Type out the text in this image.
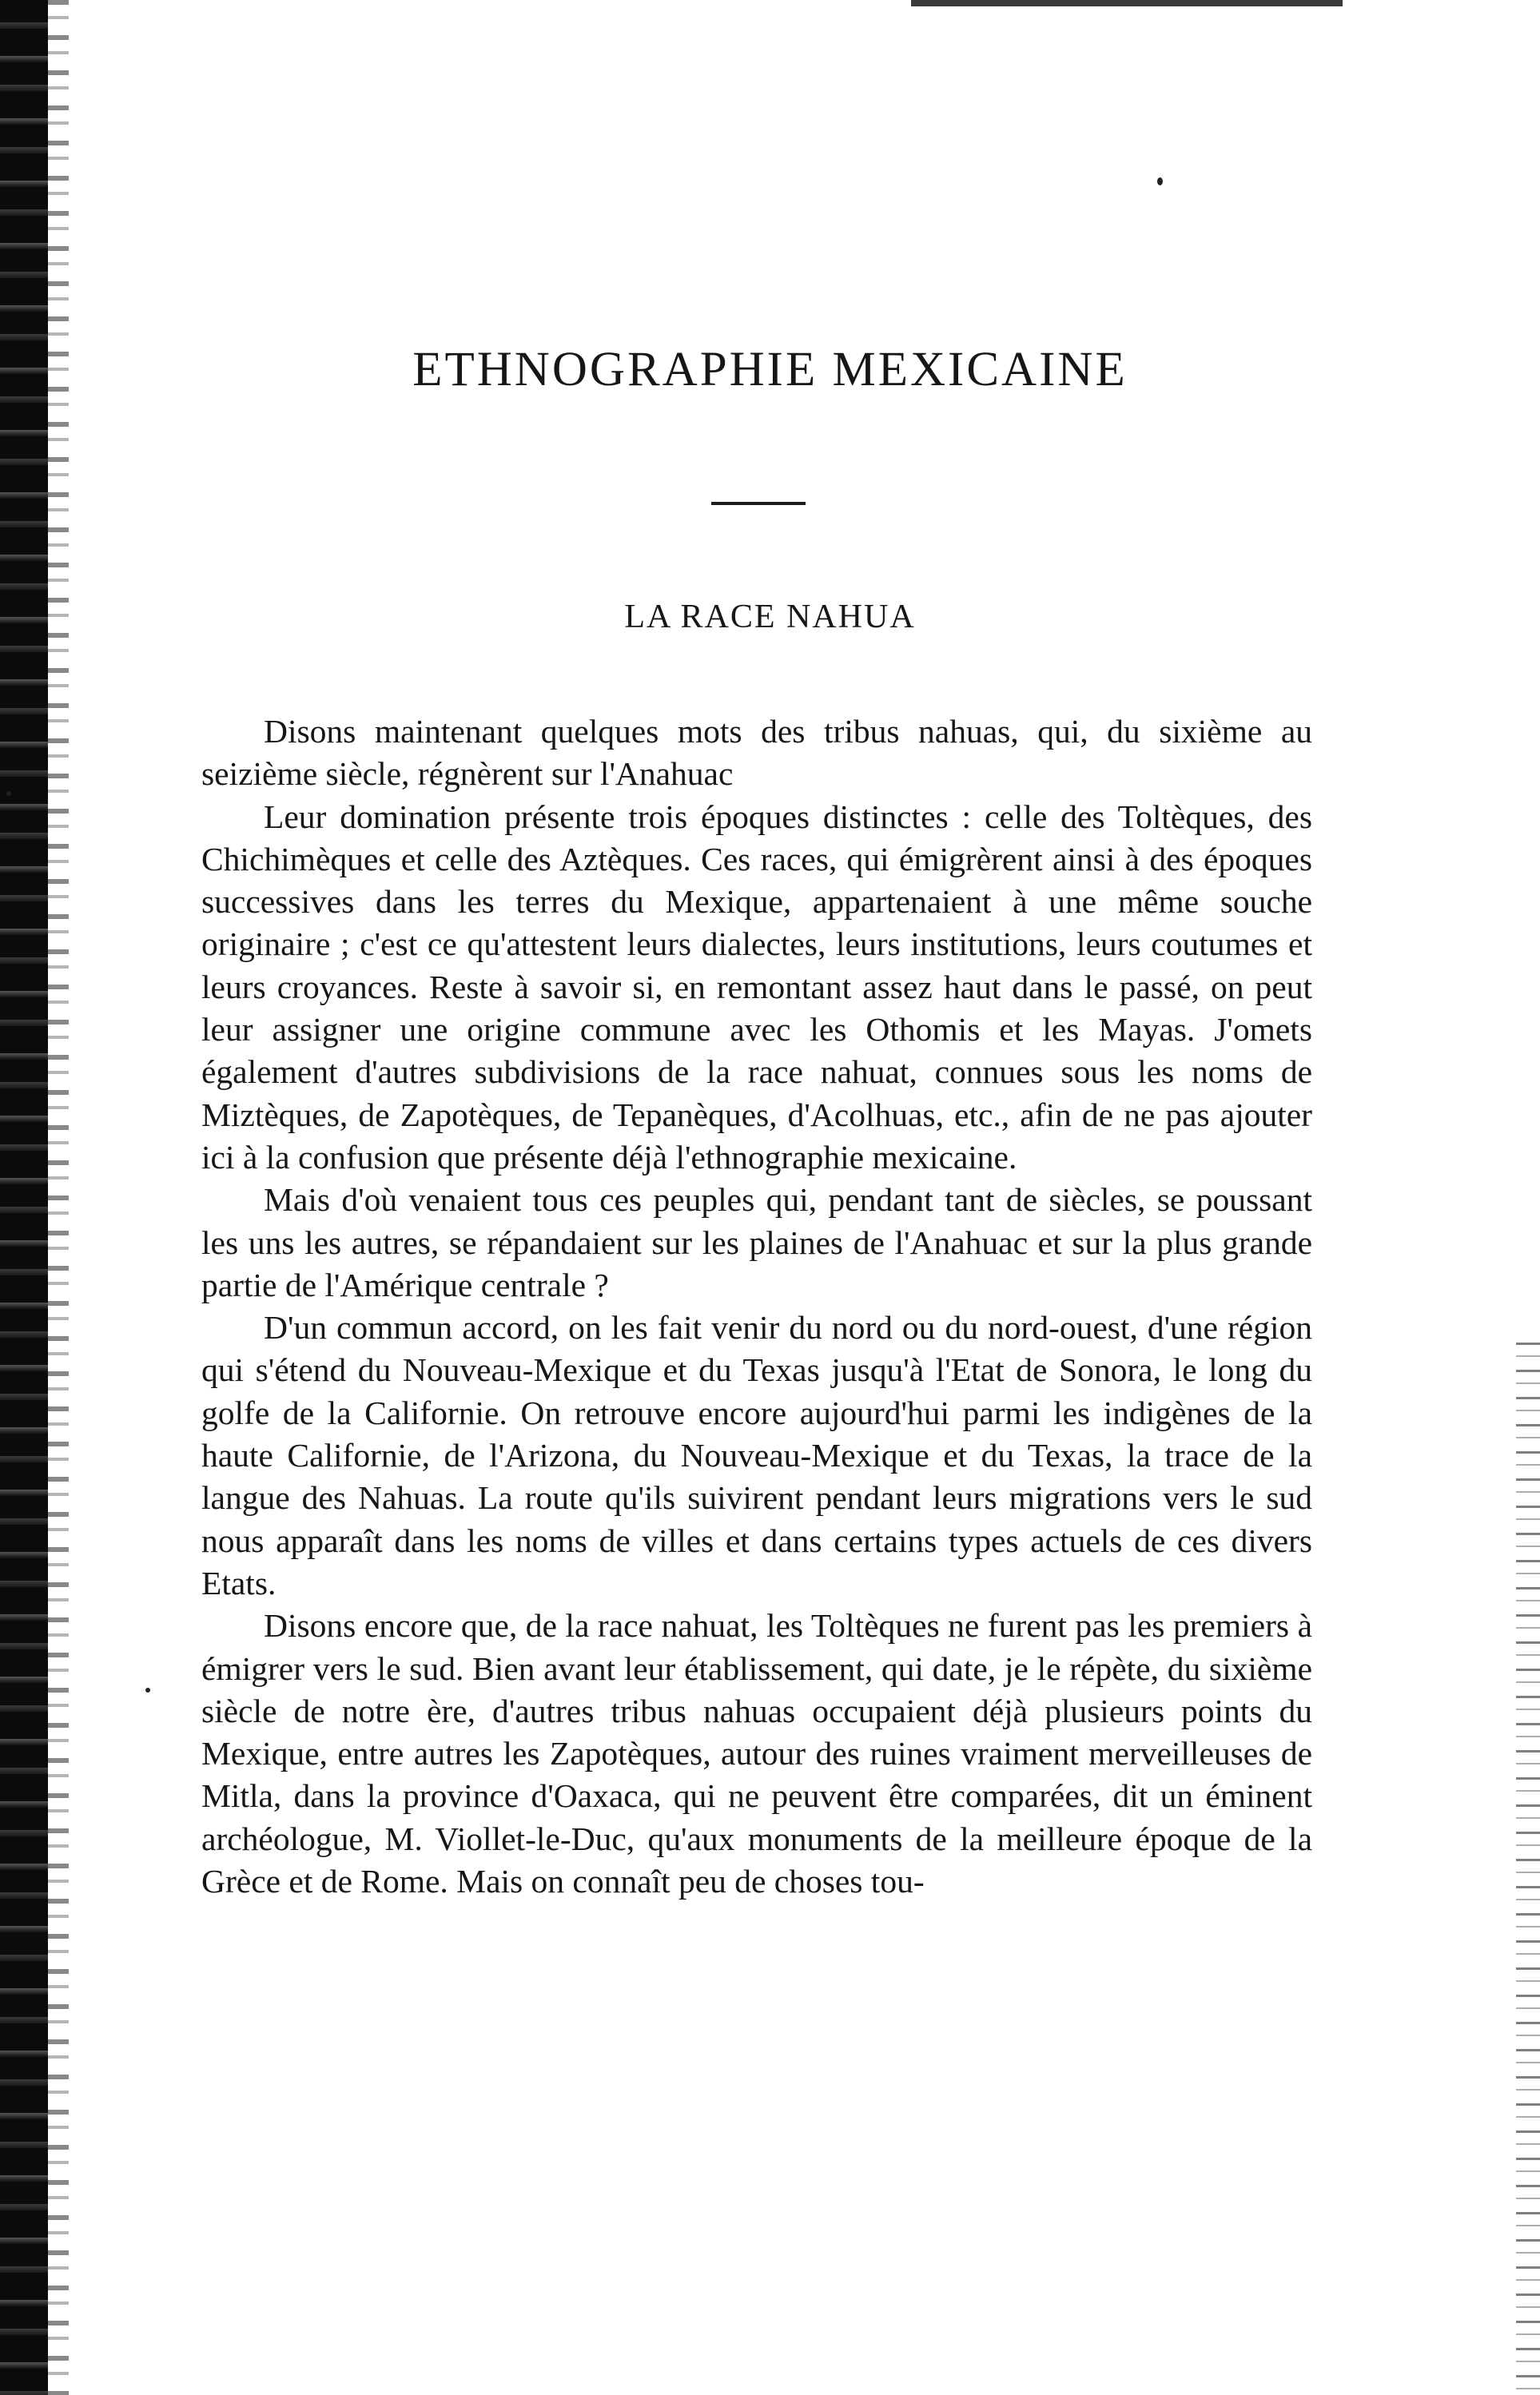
ETHNOGRAPHIE MEXICAINE
LA RACE NAHUA

Disons maintenant quelques mots des tribus nahuas, qui, du sixième au seizième siècle, régnèrent sur l'Anahuac

Leur domination présente trois époques distinctes : celle des Toltèques, des Chichimèques et celle des Aztèques. Ces races, qui émigrèrent ainsi à des époques successives dans les terres du Mexique, appartenaient à une même souche originaire ; c'est ce qu'attestent leurs dialectes, leurs institutions, leurs coutumes et leurs croyances. Reste à savoir si, en remontant assez haut dans le passé, on peut leur assigner une origine commune avec les Othomis et les Mayas. J'omets également d'autres subdivisions de la race nahuat, connues sous les noms de Miztèques, de Zapotèques, de Tepanèques, d'Acolhuas, etc., afin de ne pas ajouter ici à la confusion que présente déjà l'ethnographie mexicaine.

Mais d'où venaient tous ces peuples qui, pendant tant de siècles, se poussant les uns les autres, se répandaient sur les plaines de l'Anahuac et sur la plus grande partie de l'Amérique centrale ?

D'un commun accord, on les fait venir du nord ou du nord-ouest, d'une région qui s'étend du Nouveau-Mexique et du Texas jusqu'à l'Etat de Sonora, le long du golfe de la Californie. On retrouve encore aujourd'hui parmi les indigènes de la haute Californie, de l'Arizona, du Nouveau-Mexique et du Texas, la trace de la langue des Nahuas. La route qu'ils suivirent pendant leurs migrations vers le sud nous apparaît dans les noms de villes et dans certains types actuels de ces divers Etats.

Disons encore que, de la race nahuat, les Toltèques ne furent pas les premiers à émigrer vers le sud. Bien avant leur établissement, qui date, je le répète, du sixième siècle de notre ère, d'autres tribus nahuas occupaient déjà plusieurs points du Mexique, entre autres les Zapotèques, autour des ruines vraiment merveilleuses de Mitla, dans la province d'Oaxaca, qui ne peuvent être comparées, dit un éminent archéologue, M. Viollet-le-Duc, qu'aux monuments de la meilleure époque de la Grèce et de Rome. Mais on connaît peu de choses tou-
